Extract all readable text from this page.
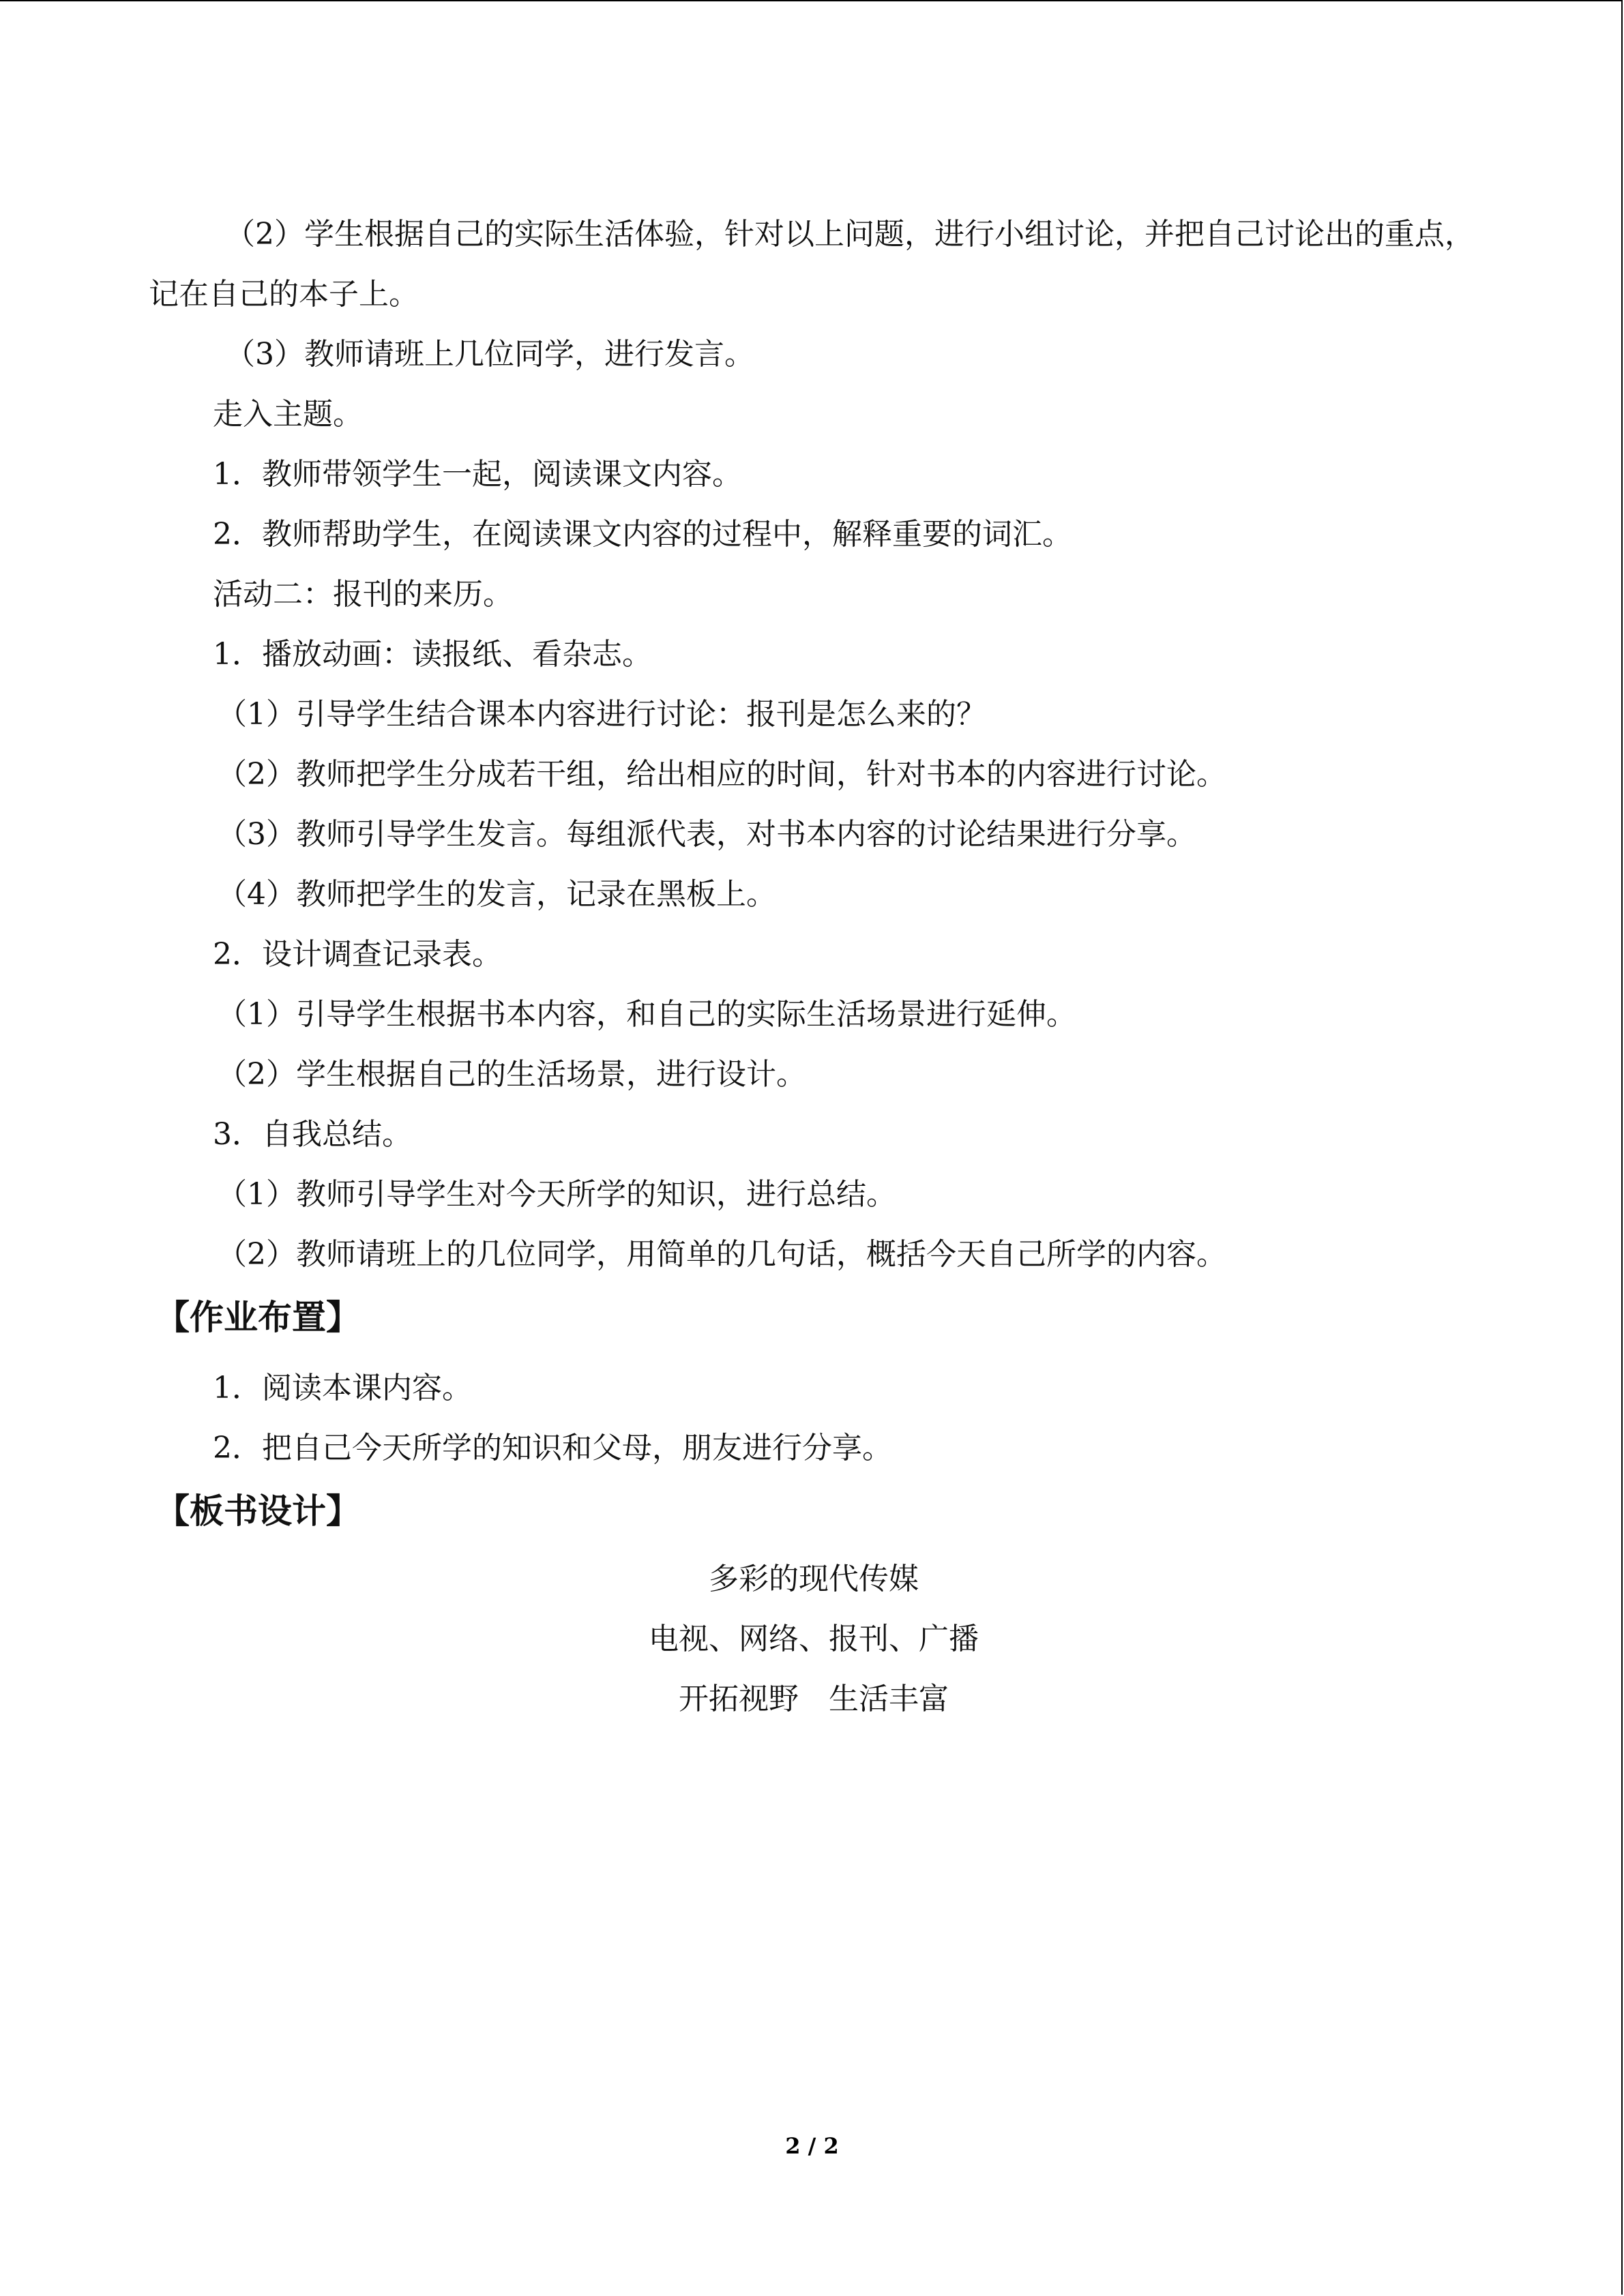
（2）学生根据自己的实际生活体验，针对以上问题，进行小组讨论，并把自己讨论出的重点，记在自己的本子上。

（3）教师请班上几位同学，进行发言。

走入主题。

1．教师带领学生一起，阅读课文内容。

2．教师帮助学生，在阅读课文内容的过程中，解释重要的词汇。

活动二：报刊的来历。

1．播放动画：读报纸、看杂志。

（1）引导学生结合课本内容进行讨论：报刊是怎么来的？

（2）教师把学生分成若干组，给出相应的时间，针对书本的内容进行讨论。

（3）教师引导学生发言。每组派代表，对书本内容的讨论结果进行分享。

（4）教师把学生的发言，记录在黑板上。

2．设计调查记录表。

（1）引导学生根据书本内容，和自己的实际生活场景进行延伸。

（2）学生根据自己的生活场景，进行设计。

3．自我总结。

（1）教师引导学生对今天所学的知识，进行总结。

（2）教师请班上的几位同学，用简单的几句话，概括今天自己所学的内容。

【作业布置】

1．阅读本课内容。

2．把自己今天所学的知识和父母，朋友进行分享。

【板书设计】

多彩的现代传媒

电视、网络、报刊、广播

开拓视野　生活丰富

2 / 2
